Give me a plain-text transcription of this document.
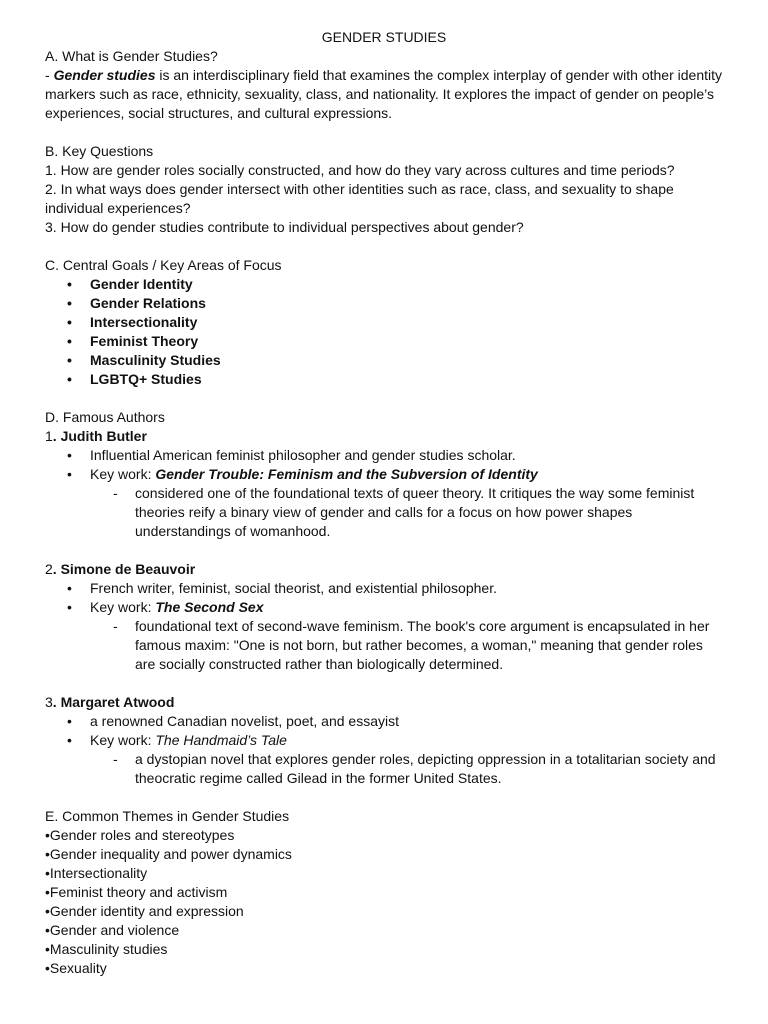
GENDER STUDIES

A. What is Gender Studies?

- Gender studies is an interdisciplinary field that examines the complex interplay of gender with other identity markers such as race, ethnicity, sexuality, class, and nationality. It explores the impact of gender on people’s experiences, social structures, and cultural expressions.

B. Key Questions

1. How are gender roles socially constructed, and how do they vary across cultures and time periods?

2. In what ways does gender intersect with other identities such as race, class, and sexuality to shape individual experiences?

3. How do gender studies contribute to individual perspectives about gender?

C. Central Goals / Key Areas of Focus

• Gender Identity
• Gender Relations
• Intersectionality
• Feminist Theory
• Masculinity Studies
• LGBTQ+ Studies

D. Famous Authors

1. Judith Butler

• Influential American feminist philosopher and gender studies scholar.
• Key work: Gender Trouble: Feminism and the Subversion of Identity
- considered one of the foundational texts of queer theory. It critiques the way some feminist theories reify a binary view of gender and calls for a focus on how power shapes understandings of womanhood.

2. Simone de Beauvoir

• French writer, feminist, social theorist, and existential philosopher.
• Key work: The Second Sex
- foundational text of second-wave feminism. The book's core argument is encapsulated in her famous maxim: "One is not born, but rather becomes, a woman," meaning that gender roles are socially constructed rather than biologically determined.

3. Margaret Atwood

• a renowned Canadian novelist, poet, and essayist
• Key work: The Handmaid’s Tale
- a dystopian novel that explores gender roles, depicting oppression in a totalitarian society and theocratic regime called Gilead in the former United States.

E. Common Themes in Gender Studies

• Gender roles and stereotypes

• Gender inequality and power dynamics

• Intersectionality

• Feminist theory and activism

• Gender identity and expression

• Gender and violence

• Masculinity studies

• Sexuality
